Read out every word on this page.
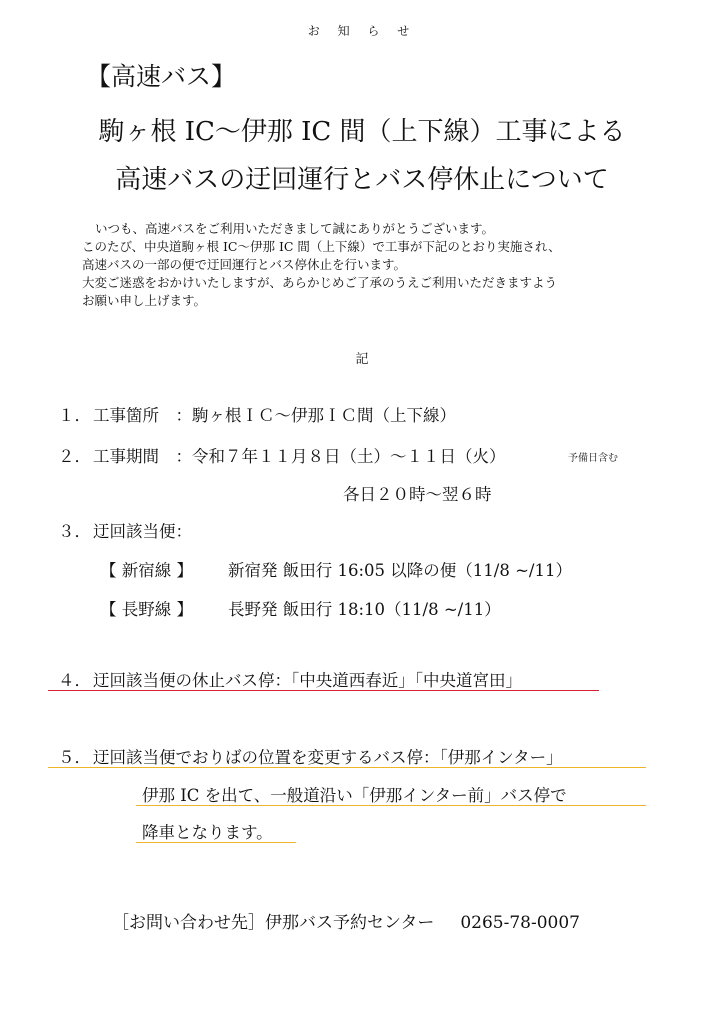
お 知 ら せ
【高速バス】
駒ヶ根 IC〜伊那 IC 間（上下線）工事による
高速バスの迂回運行とバス停休止について
いつも、高速バスをご利用いただきまして誠にありがとうございます。
このたび、中央道駒ヶ根 IC〜伊那 IC 間（上下線）で工事が下記のとおり実施され、
高速バスの一部の便で迂回運行とバス停休止を行います。
大変ご迷惑をおかけいたしますが、あらかじめご了承のうえご利用いただきますよう
お願い申し上げます。
記
１． 工事箇所　：駒ヶ根ＩＣ〜伊那ＩＣ間（上下線）
２． 工事期間　：令和７年１１月８日（土）〜１１日（火）	予備日含む
各日２０時〜翌６時
３． 迂回該当便：
【 新宿線 】 新宿発 飯田行 16:05 以降の便（11/8 ~/11）
【 長野線 】 長野発 飯田行 18:10（11/8 ~/11）
４． 迂回該当便の休止バス停：「中央道西春近」「中央道宮田」
５． 迂回該当便でおりばの位置を変更するバス停：「伊那インター」
伊那 IC を出て、一般道沿い「伊那インター前」バス停で
降車となります。
［お問い合わせ先］伊那バス予約センター 0265-78-0007
